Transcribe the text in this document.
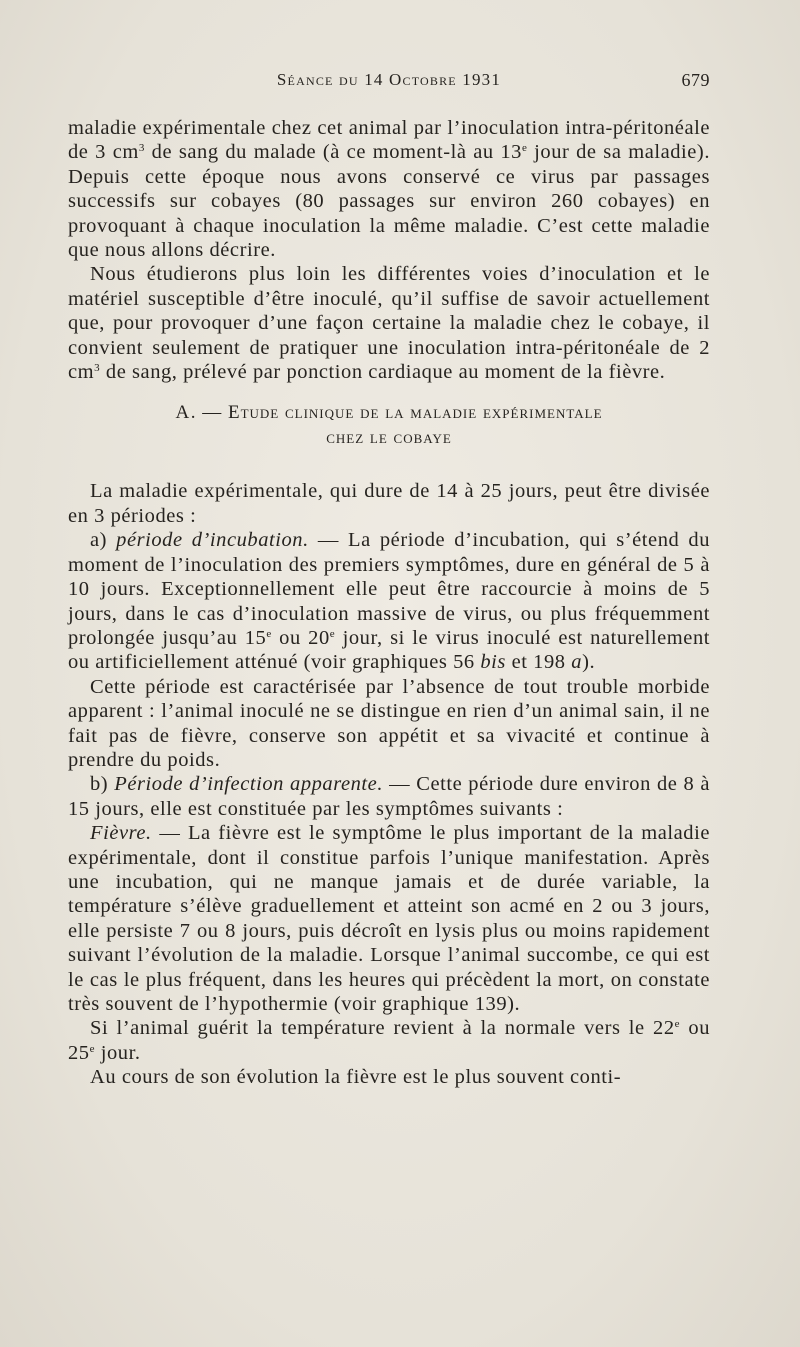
Séance du 14 Octobre 1931	679

maladie expérimentale chez cet animal par l’inoculation intra-péritonéale de 3 $cm^3$ de sang du malade (à ce moment-là au 13e jour de sa maladie). Depuis cette époque nous avons conservé ce virus par passages successifs sur cobayes (80 passages sur environ 260 cobayes) en provoquant à chaque inoculation la même maladie. C’est cette maladie que nous allons décrire.

Nous étudierons plus loin les différentes voies d’inoculation et le matériel susceptible d’être inoculé, qu’il suffise de savoir actuellement que, pour provoquer d’une façon certaine la maladie chez le cobaye, il convient seulement de pratiquer une inoculation intra-péritonéale de 2 $cm^3$ de sang, prélevé par ponction cardiaque au moment de la fièvre.

A. — Etude clinique de la maladie expérimentale
chez le cobaye

La maladie expérimentale, qui dure de 14 à 25 jours, peut être divisée en 3 périodes :

a) période d’incubation. — La période d’incubation, qui s’étend du moment de l’inoculation des premiers symptômes, dure en général de 5 à 10 jours. Exceptionnellement elle peut être raccourcie à moins de 5 jours, dans le cas d’inoculation massive de virus, ou plus fréquemment prolongée jusqu’au 15e ou 20e jour, si le virus inoculé est naturellement ou artificiellement atténué (voir graphiques 56 bis et 198 a).

Cette période est caractérisée par l’absence de tout trouble morbide apparent : l’animal inoculé ne se distingue en rien d’un animal sain, il ne fait pas de fièvre, conserve son appétit et sa vivacité et continue à prendre du poids.

b) Période d’infection apparente. — Cette période dure environ de 8 à 15 jours, elle est constituée par les symptômes suivants :

Fièvre. — La fièvre est le symptôme le plus important de la maladie expérimentale, dont il constitue parfois l’unique manifestation. Après une incubation, qui ne manque jamais et de durée variable, la température s’élève graduellement et atteint son acmé en 2 ou 3 jours, elle persiste 7 ou 8 jours, puis décroît en lysis plus ou moins rapidement suivant l’évolution de la maladie. Lorsque l’animal succombe, ce qui est le cas le plus fréquent, dans les heures qui précèdent la mort, on constate très souvent de l’hypothermie (voir graphique 139).

Si l’animal guérit la température revient à la normale vers le 22e ou 25e jour.

Au cours de son évolution la fièvre est le plus souvent conti-
